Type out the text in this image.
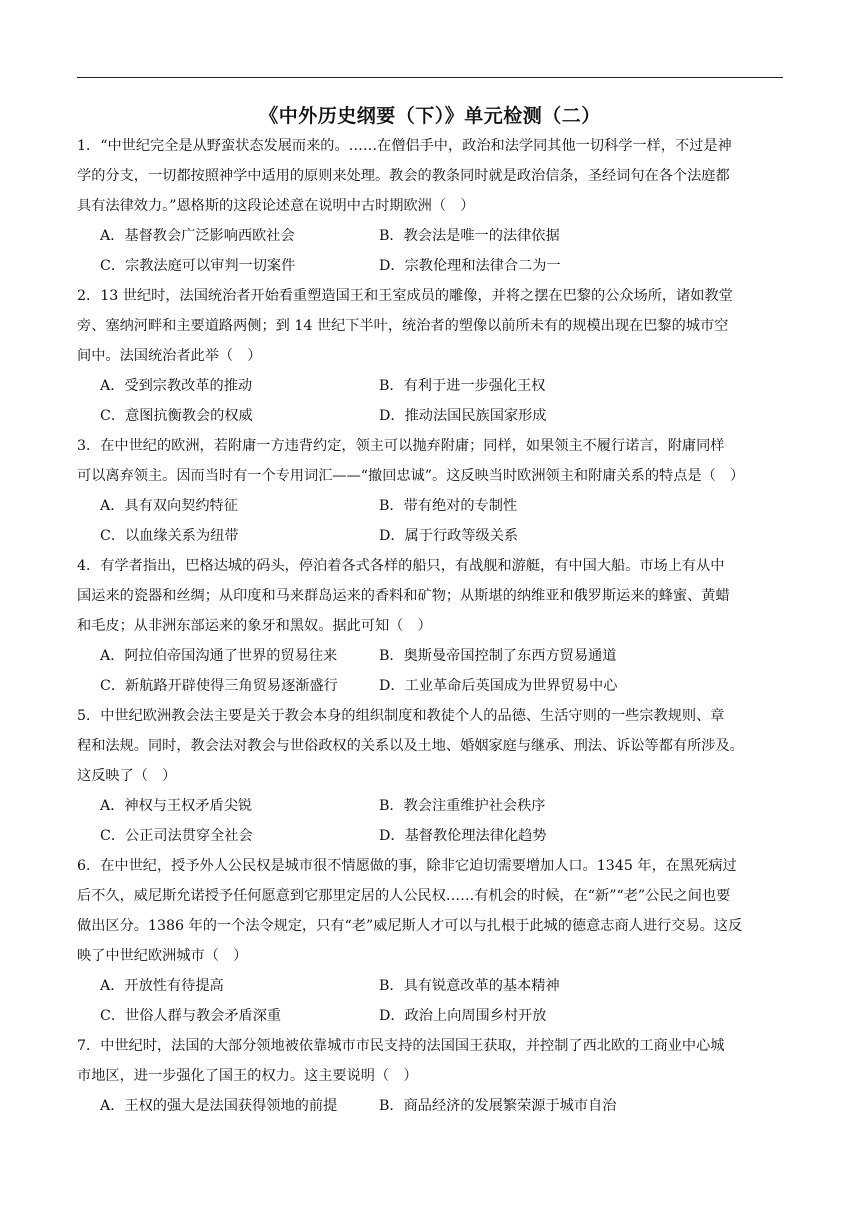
《中外历史纲要（下）》单元检测（二）
1．“中世纪完全是从野蛮状态发展而来的。……在僧侣手中，政治和法学同其他一切科学一样，不过是神
学的分支，一切都按照神学中适用的原则来处理。教会的教条同时就是政治信条，圣经词句在各个法庭都
具有法律效力。”恩格斯的这段论述意在说明中古时期欧洲（　）
A．基督教会广泛影响西欧社会	B．教会法是唯一的法律依据
C．宗教法庭可以审判一切案件	D．宗教伦理和法律合二为一
2．13 世纪时，法国统治者开始看重塑造国王和王室成员的雕像，并将之摆在巴黎的公众场所，诸如教堂
旁、塞纳河畔和主要道路两侧；到 14 世纪下半叶，统治者的塑像以前所未有的规模出现在巴黎的城市空
间中。法国统治者此举（　）
A．受到宗教改革的推动	B．有利于进一步强化王权
C．意图抗衡教会的权威	D．推动法国民族国家形成
3．在中世纪的欧洲，若附庸一方违背约定，领主可以抛弃附庸；同样，如果领主不履行诺言，附庸同样
可以离弃领主。因而当时有一个专用词汇——“撤回忠诚”。这反映当时欧洲领主和附庸关系的特点是（　）
A．具有双向契约特征	B．带有绝对的专制性
C．以血缘关系为纽带	D．属于行政等级关系
4．有学者指出，巴格达城的码头，停泊着各式各样的船只，有战舰和游艇，有中国大船。市场上有从中
国运来的瓷器和丝绸；从印度和马来群岛运来的香料和矿物；从斯堪的纳维亚和俄罗斯运来的蜂蜜、黄蜡
和毛皮；从非洲东部运来的象牙和黑奴。据此可知（　）
A．阿拉伯帝国沟通了世界的贸易往来	B．奥斯曼帝国控制了东西方贸易通道
C．新航路开辟使得三角贸易逐渐盛行	D．工业革命后英国成为世界贸易中心
5．中世纪欧洲教会法主要是关于教会本身的组织制度和教徒个人的品德、生活守则的一些宗教规则、章
程和法规。同时，教会法对教会与世俗政权的关系以及土地、婚姻家庭与继承、刑法、诉讼等都有所涉及。
这反映了（　）
A．神权与王权矛盾尖锐	B．教会注重维护社会秩序
C．公正司法贯穿全社会	D．基督教伦理法律化趋势
6．在中世纪，授予外人公民权是城市很不情愿做的事，除非它迫切需要增加人口。1345 年，在黑死病过
后不久，威尼斯允诺授予任何愿意到它那里定居的人公民权……有机会的时候，在“新”“老”公民之间也要
做出区分。1386 年的一个法令规定，只有“老”威尼斯人才可以与扎根于此城的德意志商人进行交易。这反
映了中世纪欧洲城市（　）
A．开放性有待提高	B．具有锐意改革的基本精神
C．世俗人群与教会矛盾深重	D．政治上向周围乡村开放
7．中世纪时，法国的大部分领地被依靠城市市民支持的法国国王获取，并控制了西北欧的工商业中心城
市地区，进一步强化了国王的权力。这主要说明（　）
A．王权的强大是法国获得领地的前提	B．商品经济的发展繁荣源于城市自治
